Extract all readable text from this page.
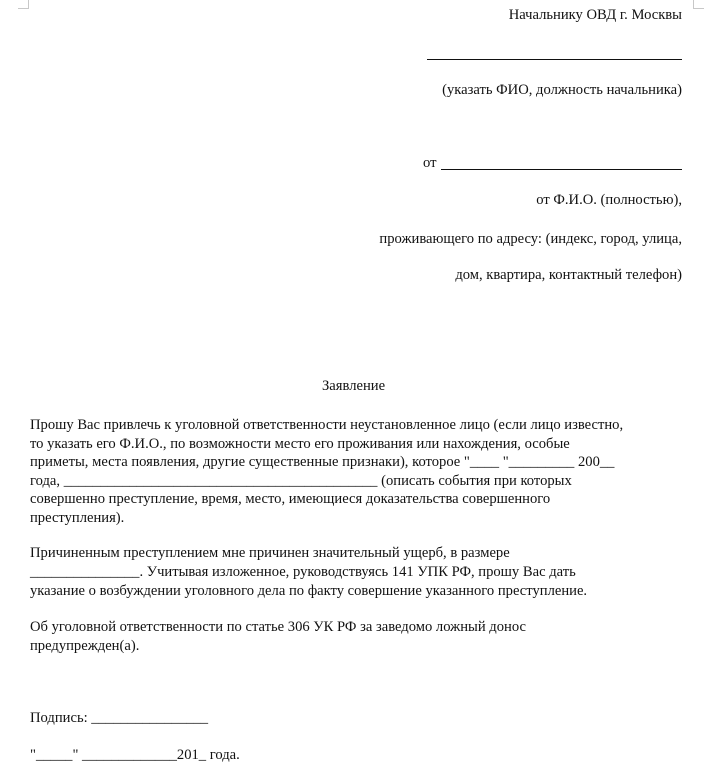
Начальнику ОВД г. Москвы
(указать ФИО, должность начальника)
от
от Ф.И.О. (полностью),
проживающего по адресу: (индекс, город, улица,
дом, квартира, контактный телефон)
Заявление
Прошу Вас привлечь к уголовной ответственности неустановленное лицо (если лицо известно,
то указать его Ф.И.О., по возможности место его проживания или нахождения, особые
приметы, места появления, другие существенные признаки), которое "____ "_________ 200__
года, ___________________________________________ (описать события при которых
совершенно преступление, время, место, имеющиеся доказательства совершенного
преступления).
Причиненным преступлением мне причинен значительный ущерб, в размере
_______________. Учитывая изложенное, руководствуясь 141 УПК РФ, прошу Вас дать
указание о возбуждении уголовного дела по факту совершение указанного преступление.
Об уголовной ответственности по статье 306 УК РФ за заведомо ложный донос
предупрежден(а).
Подпись: ________________
"_____" _____________201_ года.
